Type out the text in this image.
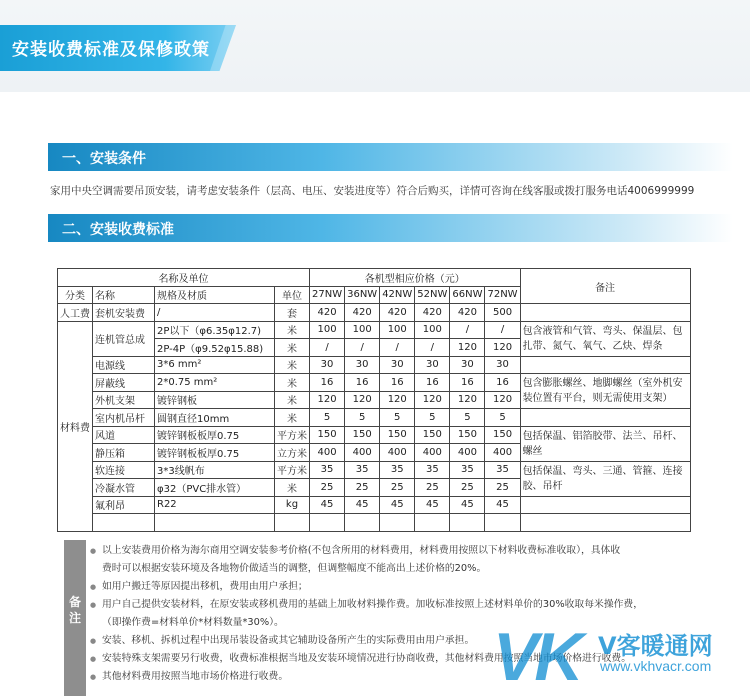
安装收费标准及保修政策
一、安装条件
家用中央空调需要吊顶安装，请考虑安装条件（层高、电压、安装进度等）符合后购买，详情可咨询在线客服或拨打服务电话4006999999
二、安装收费标准
名称及单位				各机型相应价格（元）						备注
分类	名称	规格及材质	单位	27NW	36NW	42NW	52NW	66NW	72NW	
人工费	套机安装费	/	套	420	420	420	420	420	500	
材料费	连机管总成	2P以下（φ6.35φ12.7)	米	100	100	100	100	/	/	包含液管和气管、弯头、保温层、包扎带、氮气、氧气、乙炔、焊条
		2P-4P（φ9.52φ15.88)	米	/	/	/	/	120	120	
	电源线	3*6 mm²	米	30	30	30	30	30	30	
	屏蔽线	2*0.75 mm²	米	16	16	16	16	16	16	包含膨胀螺丝、地脚螺丝（室外机安装位置有平台，则无需使用支架）
	外机支架	镀锌钢板	米	120	120	120	120	120	120	
	室内机吊杆	圆钢直径10mm	米	5	5	5	5	5	5	
	风道	镀锌钢板板厚0.75	平方米	150	150	150	150	150	150	包括保温、铝箔胶带、法兰、吊杆、螺丝
	静压箱	镀锌钢板板厚0.75	立方米	400	400	400	400	400	400	
	软连接	3*3线帆布	平方米	35	35	35	35	35	35	包括保温、弯头、三通、管箍、连接胶、吊杆
	冷凝水管	φ32（PVC排水管）	米	25	25	25	25	25	25	
	氟利昂	R22	kg	45	45	45	45	45	45	

备注
● 以上安装费用价格为海尔商用空调安装参考价格(不包含所用的材料费用，材料费用按照以下材料收费标准收取），具体收
费时可以根据安装环境及各地物价做适当的调整，但调整幅度不能高出上述价格的20%。
● 如用户搬迁等原因提出移机，费用由用户承担；
● 用户自己提供安装材料，在原安装或移机费用的基础上加收材料操作费。加收标准按照上述材料单价的30%收取每米操作费，
（即操作费=材料单价*材料数量*30%）。
● 安装、移机、拆机过程中出现吊装设备或其它辅助设备所产生的实际费用由用户承担。
● 安装特殊支架需要另行收费，收费标准根据当地及安装环境情况进行协商收费，其他材料费用按照当地市场价格进行收费。
● 其他材料费用按照当地市场价格进行收费。	VK V客暖通网
www.vkhvacr.com
